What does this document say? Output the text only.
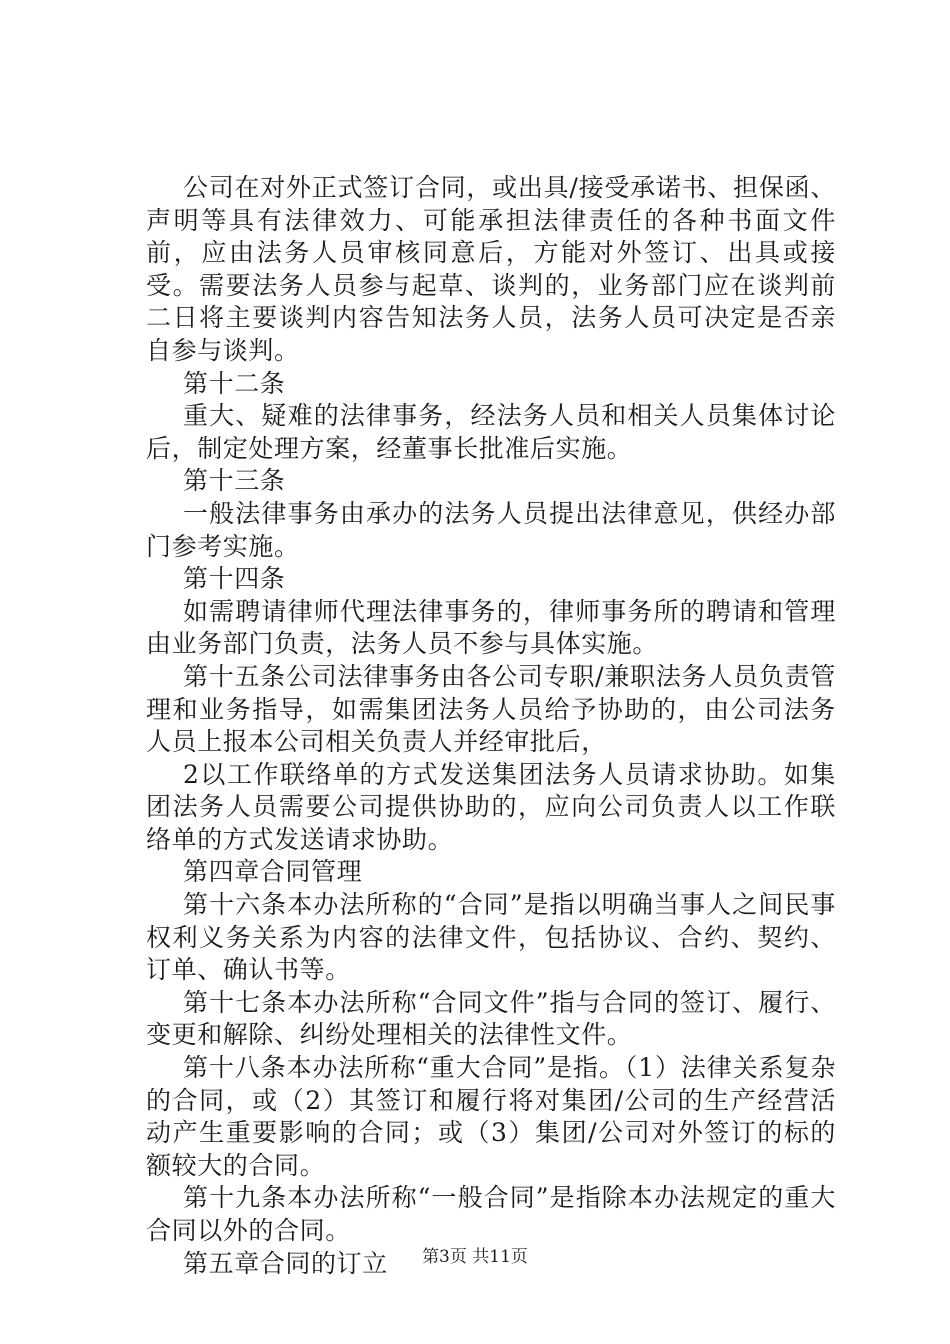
公司在对外正式签订合同，或出具/接受承诺书、担保函、声明等具有法律效力、可能承担法律责任的各种书面文件前，应由法务人员审核同意后，方能对外签订、出具或接受。需要法务人员参与起草、谈判的，业务部门应在谈判前二日将主要谈判内容告知法务人员，法务人员可决定是否亲自参与谈判。

第十二条

重大、疑难的法律事务，经法务人员和相关人员集体讨论后，制定处理方案，经董事长批准后实施。

第十三条

一般法律事务由承办的法务人员提出法律意见，供经办部门参考实施。

第十四条

如需聘请律师代理法律事务的，律师事务所的聘请和管理由业务部门负责，法务人员不参与具体实施。

第十五条公司法律事务由各公司专职/兼职法务人员负责管理和业务指导，如需集团法务人员给予协助的，由公司法务人员上报本公司相关负责人并经审批后，

2以工作联络单的方式发送集团法务人员请求协助。如集团法务人员需要公司提供协助的，应向公司负责人以工作联络单的方式发送请求协助。

第四章合同管理

第十六条本办法所称的“合同”是指以明确当事人之间民事权利义务关系为内容的法律文件，包括协议、合约、契约、订单、确认书等。

第十七条本办法所称“合同文件”指与合同的签订、履行、变更和解除、纠纷处理相关的法律性文件。

第十八条本办法所称“重大合同”是指。（1）法律关系复杂的合同，或（2）其签订和履行将对集团/公司的生产经营活动产生重要影响的合同；或（3）集团/公司对外签订的标的额较大的合同。

第十九条本办法所称“一般合同”是指除本办法规定的重大合同以外的合同。

第五章合同的订立	第3页 共11页
